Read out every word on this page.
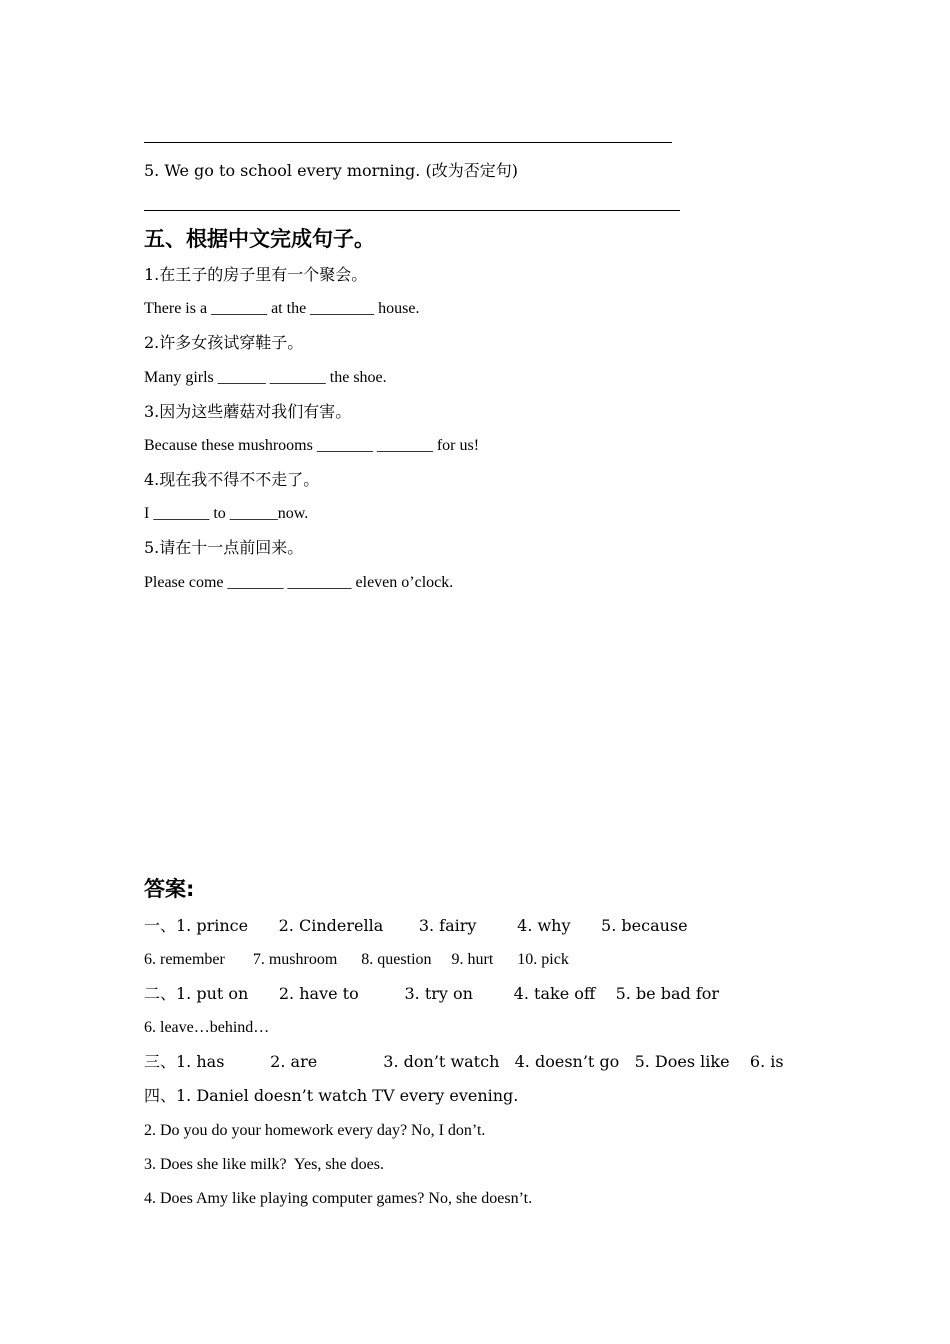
5. We go to school every morning. (改为否定句)
五、根据中文完成句子。
1.在王子的房子里有一个聚会。
There is a _______ at the ________ house.
2.许多女孩试穿鞋子。
Many girls ______ _______ the shoe.
3.因为这些蘑菇对我们有害。
Because these mushrooms _______ _______ for us!
4.现在我不得不不走了。
I _______ to ______now.
5.请在十一点前回来。
Please come _______ ________ eleven o’clock.
答案:
一、1. prince      2. Cinderella       3. fairy        4. why      5. because
6. remember       7. mushroom      8. question     9. hurt      10. pick
二、1. put on      2. have to         3. try on        4. take off    5. be bad for
6. leave…behind…
三、1. has         2. are             3. don’t watch   4. doesn’t go   5. Does like    6. is
四、1. Daniel doesn’t watch TV every evening.
2. Do you do your homework every day? No, I don’t.
3. Does she like milk?  Yes, she does.
4. Does Amy like playing computer games? No, she doesn’t.
